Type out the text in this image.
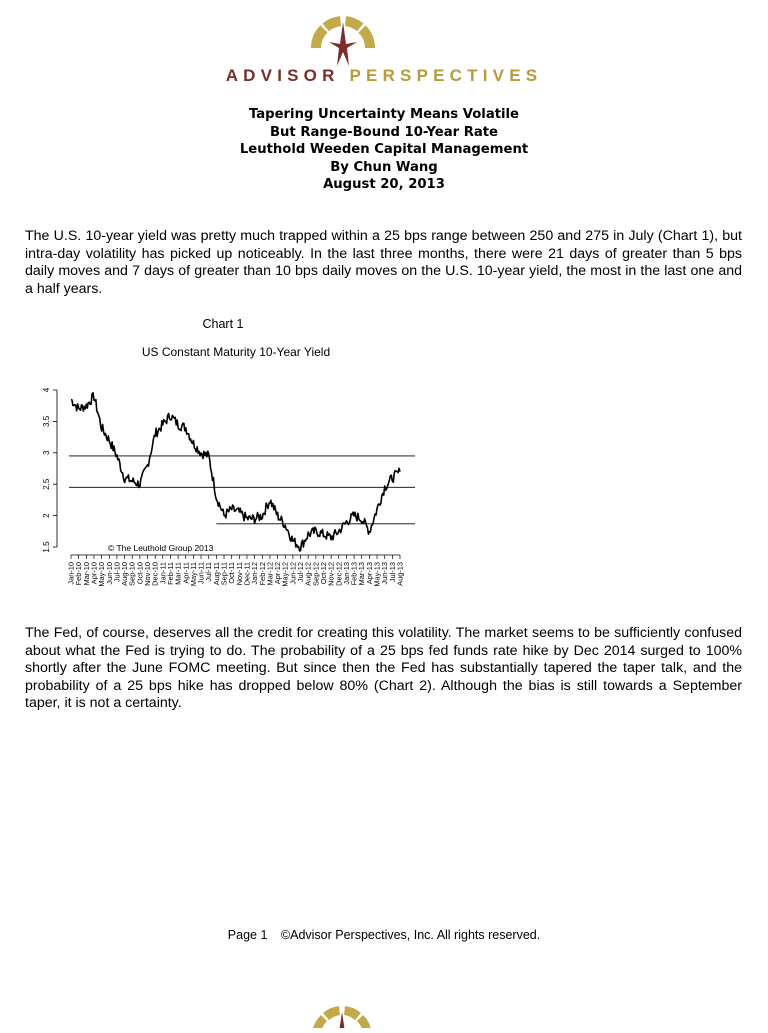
ADVISOR PERSPECTIVES
Tapering Uncertainty Means Volatile
But Range-Bound 10-Year Rate
Leuthold Weeden Capital Management
By Chun Wang
August 20, 2013

The U.S. 10-year yield was pretty much trapped within a 25 bps range between 250 and 275 in July (Chart 1), but intra-day volatility has picked up noticeably. In the last three months, there were 21 days of greater than 5 bps daily moves and 7 days of greater than 10 bps daily moves on the U.S. 10-year yield, the most in the last one and a half years.

Chart 1
US Constant Maturity 10-Year Yield
© The Leuthold Group 2013
1.5
2
2.5
3
3.5
4
Jan-10
Feb-10
Mar-10
Apr-10
May-10
Jun-10
Jul-10
Aug-10
Sep-10
Oct-10
Nov-10
Dec-10
Jan-11
Feb-11
Mar-11
Apr-11
May-11
Jun-11
Jul-11
Aug-11
Sep-11
Oct-11
Nov-11
Dec-11
Jan-12
Feb-12
Mar-12
Apr-12
May-12
Jun-12
Jul-12
Aug-12
Sep-12
Oct-12
Nov-12
Dec-12
Jan-13
Feb-13
Mar-13
Apr-13
May-13
Jun-13
Jul-13
Aug-13

The Fed, of course, deserves all the credit for creating this volatility. The market seems to be sufficiently confused about what the Fed is trying to do. The probability of a 25 bps fed funds rate hike by Dec 2014 surged to 100% shortly after the June FOMC meeting. But since then the Fed has substantially tapered the taper talk, and the probability of a 25 bps hike has dropped below 80% (Chart 2). Although the bias is still towards a September taper, it is not a certainty.

Page 1 ©Advisor Perspectives, Inc. All rights reserved.
